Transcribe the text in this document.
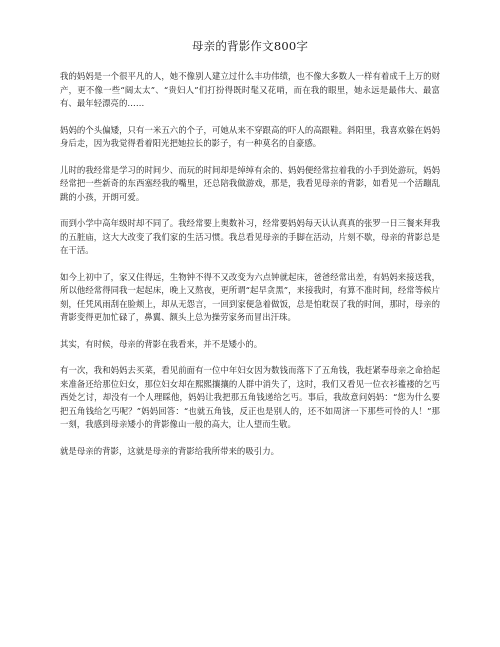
母亲的背影作文800字

我的妈妈是一个很平凡的人，她不像别人建立过什么丰功伟绩，也不像大多数人一样有着成千上万的财产，更不像一些“阔太太”、“贵妇人”们打扮得既时髦又花哨，而在我的眼里，她永远是最伟大、最富有、最年轻漂亮的……

妈妈的个头偏矮，只有一米五六的个子，可她从来不穿跟高的吓人的高跟鞋。斜阳里，我喜欢躲在妈妈身后走，因为我觉得看着阳光把她拉长的影子，有一种莫名的自豪感。

儿时的我经常是学习的时间少、而玩的时间却是绰绰有余的、妈妈便经常拉着我的小手到处游玩，妈妈经常把一些新奇的东西塞经我的嘴里，还总陪我做游戏，那是，我看见母亲的背影，如看见一个活蹦乱跳的小孩，开朗可爱。

而到小学中高年级时却不同了。我经常要上奥数补习，经常要妈妈每天认认真真的张罗一日三餐来拜我的五脏庙，这大大改变了我们家的生活习惯。我总看见母亲的手脚在活动，片刻不歇，母亲的背影总是在干活。

如今上初中了，家又住得远，生物钟不得不又改变为六点钟就起床，爸爸经常出差，有妈妈来接送我，所以他经常得同我一起起床，晚上又熬夜，更所谓“起早贪黑”，来接我时，有算不准时间，经常等候片刻，任凭风雨刮在脸颊上，却从无怨言，一回到家便急着做饭，总是怕耽误了我的时间，那时，母亲的背影变得更加忙碌了，鼻翼、额头上总为操劳家务而冒出汗珠。

其实，有时候，母亲的背影在我看来，并不是矮小的。

有一次，我和妈妈去买菜，看见前面有一位中年妇女因为数钱而落下了五角钱，我赶紧奉母亲之命拾起来准备还给那位妇女，那位妇女却在熙熙攘攘的人群中消失了，这时，我们又看见一位衣衫褴褛的乞丐西处乞讨，却没有一个人理睬他，妈妈让我把那五角钱递给乞丐。事后，我故意问妈妈：“您为什么要把五角钱给乞丐呢？”妈妈回答：“也就五角钱，反正也是别人的，还不如周济一下那些可怜的人！”那一刻，我感到母亲矮小的背影像山一般的高大，让人望而生敬。

就是母亲的背影，这就是母亲的背影给我所带来的吸引力。
